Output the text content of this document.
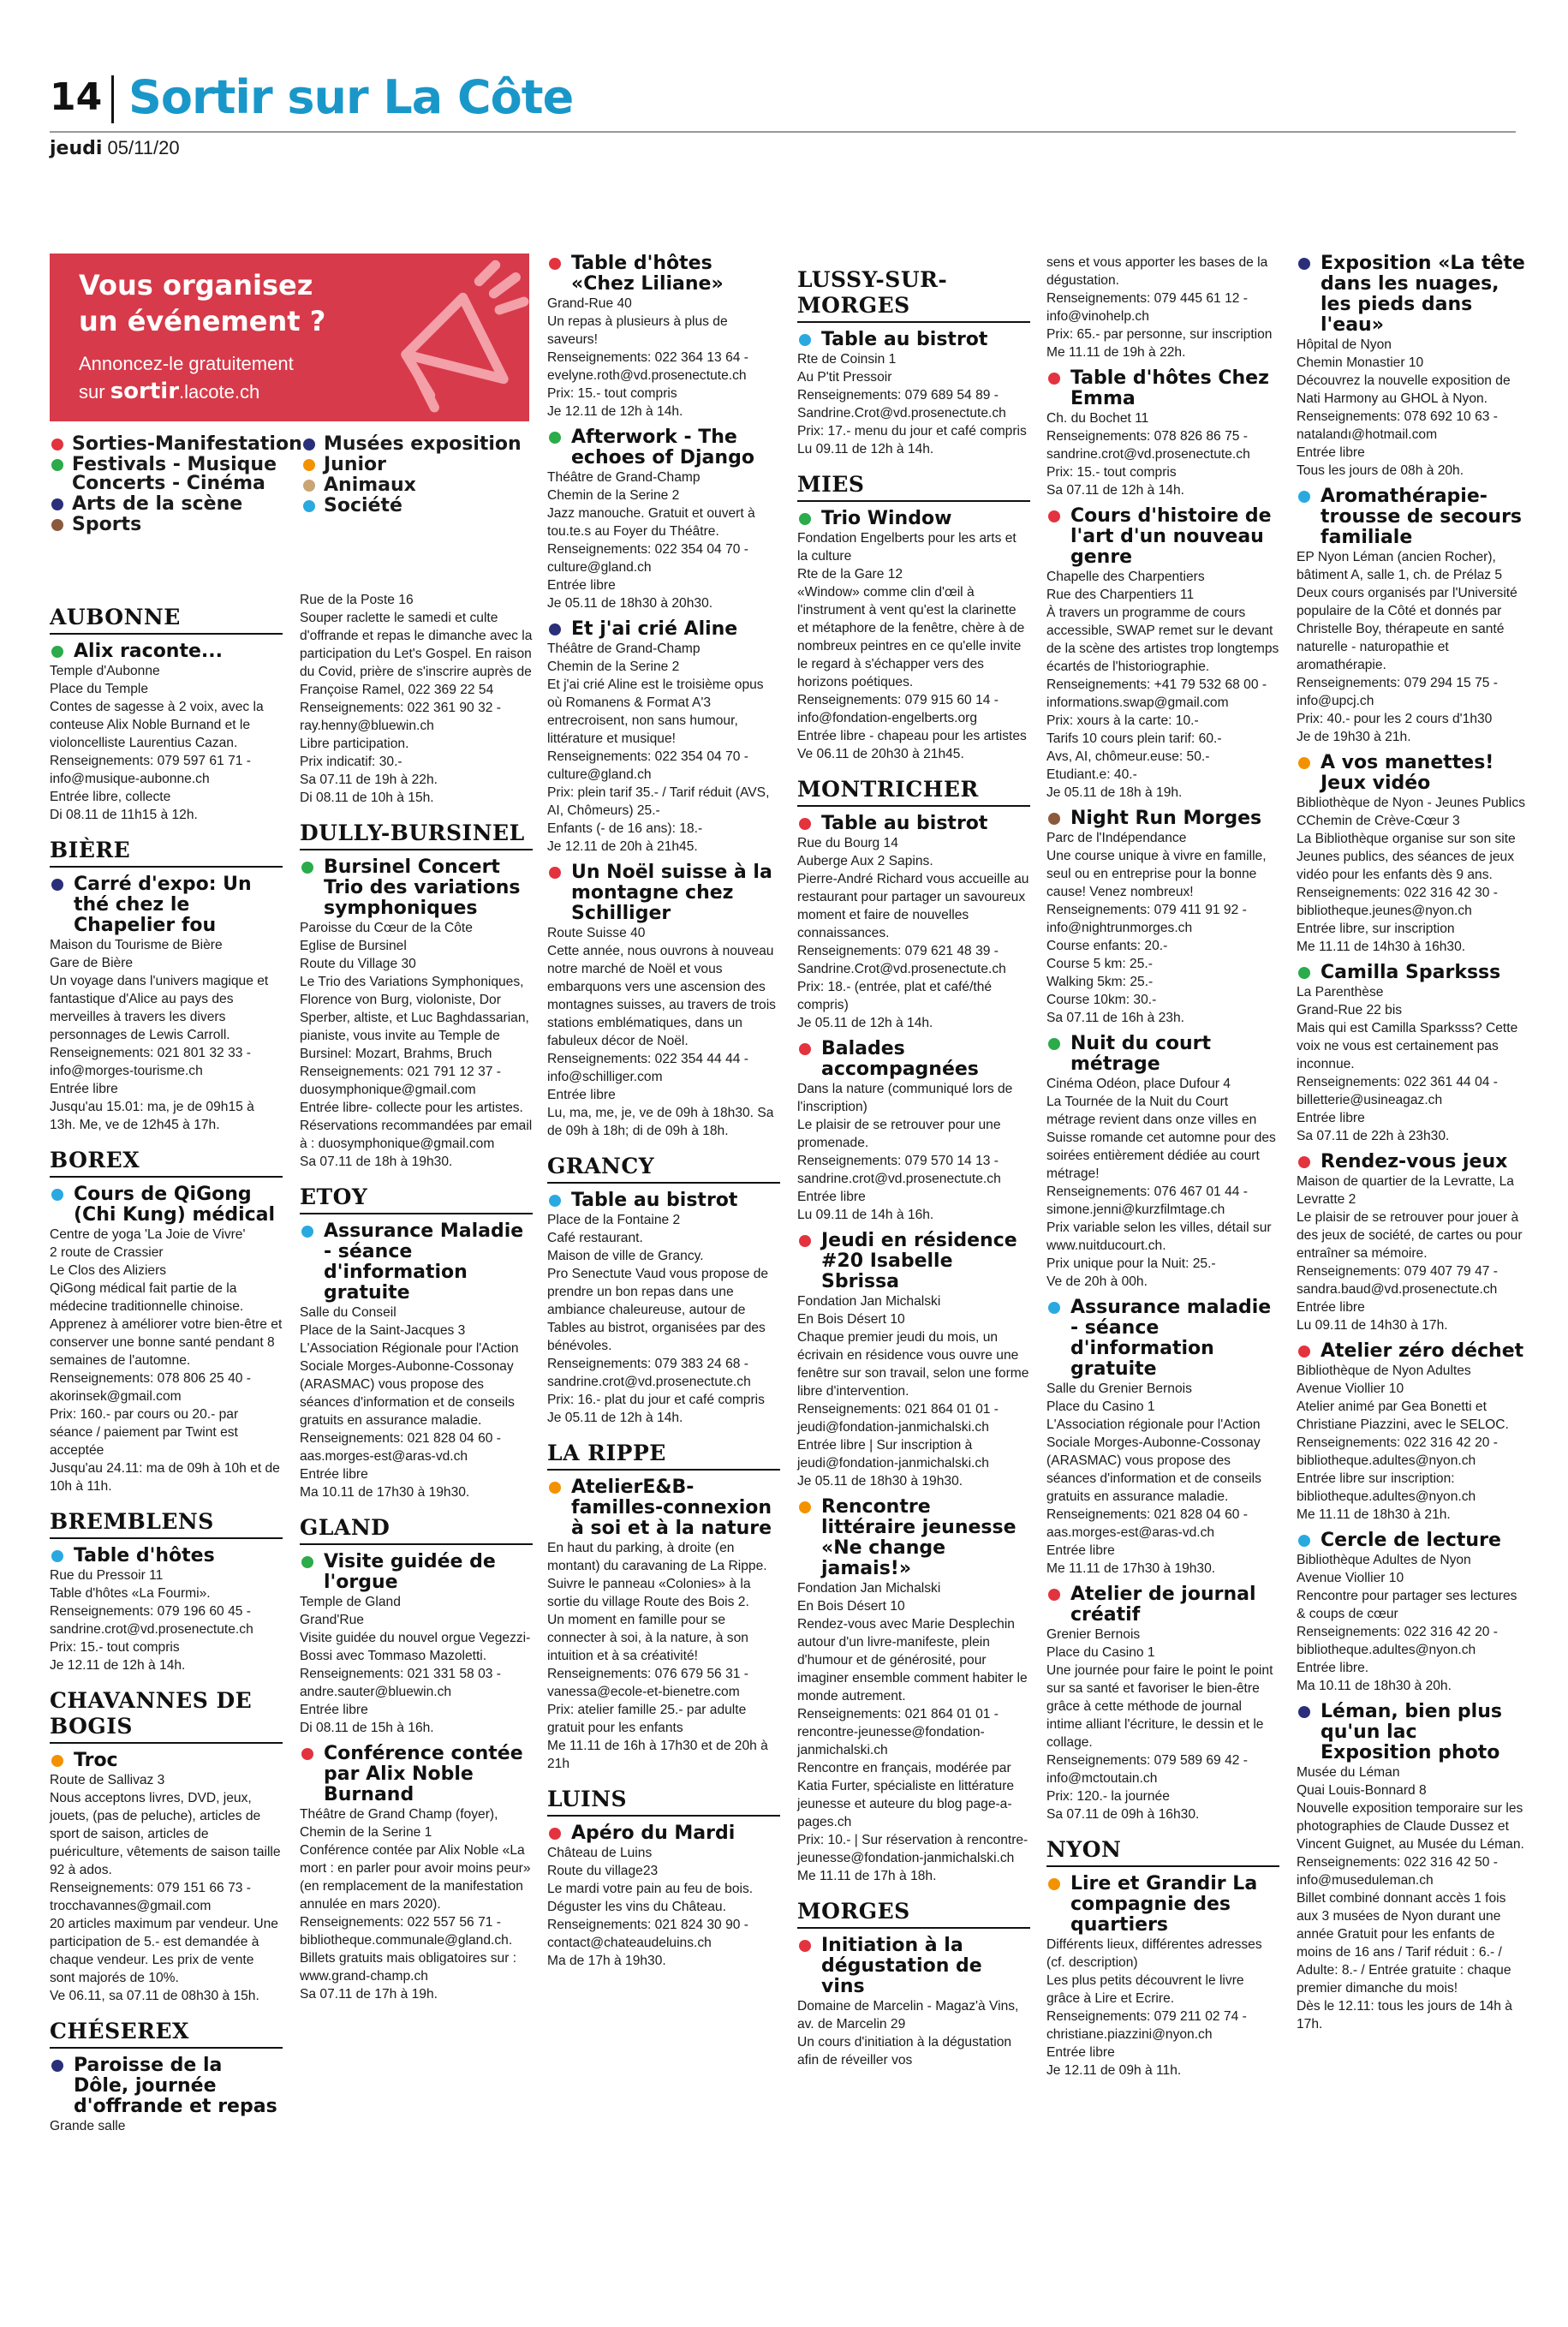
14 Sortir sur La Côte
jeudi 05/11/20
Vous organisez
un événement ?
Annoncez-le gratuitement
sur sortir.lacote.ch
Sorties-Manifestation
Festivals - Musique
Concerts - Cinéma
Arts de la scène
Sports
Musées exposition
Junior
Animaux
Société
AUBONNE
Alix raconte...
Temple d'Aubonne
Place du Temple
Contes de sagesse à 2 voix, avec la conteuse Alix Noble Burnand et le violoncelliste Laurentius Cazan.
Renseignements: 079 597 61 71 - info@musique-aubonne.ch
Entrée libre, collecte
Di 08.11 de 11h15 à 12h.
BIÈRE
Carré d'expo: Un thé chez le Chapelier fou
Maison du Tourisme de Bière
Gare de Bière
Un voyage dans l'univers magique et fantastique d'Alice au pays des merveilles à travers les divers personnages de Lewis Carroll.
Renseignements: 021 801 32 33 - info@morges-tourisme.ch
Entrée libre
Jusqu'au 15.01: ma, je de 09h15 à 13h. Me, ve de 12h45 à 17h.
BOREX
Cours de QiGong (Chi Kung) médical
Centre de yoga 'La Joie de Vivre'
2 route de Crassier
Le Clos des Aliziers
QiGong médical fait partie de la médecine traditionnelle chinoise. Apprenez à améliorer votre bien-être et conserver une bonne santé pendant 8 semaines de l'automne.
Renseignements: 078 806 25 40 - akorinsek@gmail.com
Prix: 160.- par cours ou 20.- par séance / paiement par Twint est acceptée
Jusqu'au 24.11: ma de 09h à 10h et de 10h à 11h.
BREMBLENS
Table d'hôtes
Rue du Pressoir 11
Table d'hôtes «La Fourmi».
Renseignements: 079 196 60 45 - sandrine.crot@vd.prosenectute.ch
Prix: 15.- tout compris
Je 12.11 de 12h à 14h.
CHAVANNES DE BOGIS
Troc
Route de Sallivaz 3
Nous acceptons livres, DVD, jeux, jouets, (pas de peluche), articles de sport de saison, articles de puériculture, vêtements de saison taille 92 à ados.
Renseignements: 079 151 66 73 - trocchavannes@gmail.com
20 articles maximum par vendeur. Une participation de 5.- est demandée à chaque vendeur. Les prix de vente sont majorés de 10%.
Ve 06.11, sa 07.11 de 08h30 à 15h.
CHÉSEREX
Paroisse de la Dôle, journée d'offrande et repas
Grande salle
Rue de la Poste 16
Souper raclette le samedi et culte d'offrande et repas le dimanche avec la participation du Let's Gospel. En raison du Covid, prière de s'inscrire auprès de Françoise Ramel, 022 369 22 54
Renseignements: 022 361 90 32 - ray.henny@bluewin.ch
Libre participation.
Prix indicatif: 30.-
Sa 07.11 de 19h à 22h.
Di 08.11 de 10h à 15h.
DULLY-BURSINEL
Bursinel Concert Trio des variations symphoniques
Paroisse du Cœur de la Côte
Eglise de Bursinel
Route du Village 30
Le Trio des Variations Symphoniques, Florence von Burg, violoniste, Dor Sperber, altiste, et Luc Baghdassarian, pianiste, vous invite au Temple de Bursinel: Mozart, Brahms, Bruch
Renseignements: 021 791 12 37 - duosymphonique@gmail.com
Entrée libre- collecte pour les artistes. Réservations recommandées par email à : duosymphonique@gmail.com
Sa 07.11 de 18h à 19h30.
ETOY
Assurance Maladie - séance d'information gratuite
Salle du Conseil
Place de la Saint-Jacques 3
L'Association Régionale pour l'Action Sociale Morges-Aubonne-Cossonay (ARASMAC) vous propose des séances d'information et de conseils gratuits en assurance maladie.
Renseignements: 021 828 04 60 - aas.morges-est@aras-vd.ch
Entrée libre
Ma 10.11 de 17h30 à 19h30.
GLAND
Visite guidée de l'orgue
Temple de Gland
Grand'Rue
Visite guidée du nouvel orgue Vegezzi-Bossi avec Tommaso Mazoletti.
Renseignements: 021 331 58 03 - andre.sauter@bluewin.ch
Entrée libre
Di 08.11 de 15h à 16h.
Conférence contée par Alix Noble Burnand
Théâtre de Grand Champ (foyer), Chemin de la Serine 1
Conférence contée par Alix Noble «La mort : en parler pour avoir moins peur» (en remplacement de la manifestation annulée en mars 2020).
Renseignements: 022 557 56 71 - bibliotheque.communale@gland.ch. Billets gratuits mais obligatoires sur : www.grand-champ.ch
Sa 07.11 de 17h à 19h.
Table d'hôtes «Chez Liliane»
Grand-Rue 40
Un repas à plusieurs à plus de saveurs!
Renseignements: 022 364 13 64 - evelyne.roth@vd.prosenectute.ch
Prix: 15.- tout compris
Je 12.11 de 12h à 14h.
Afterwork - The echoes of Django
Théâtre de Grand-Champ
Chemin de la Serine 2
Jazz manouche. Gratuit et ouvert à tou.te.s au Foyer du Théâtre.
Renseignements: 022 354 04 70 - culture@gland.ch
Entrée libre
Je 05.11 de 18h30 à 20h30.
Et j'ai crié Aline
Théâtre de Grand-Champ
Chemin de la Serine 2
Et j'ai crié Aline est le troisième opus où Romanens & Format A'3 entrecroisent, non sans humour, littérature et musique!
Renseignements: 022 354 04 70 - culture@gland.ch
Prix: plein tarif 35.- / Tarif réduit (AVS, AI, Chômeurs) 25.-
Enfants (- de 16 ans): 18.-
Je 12.11 de 20h à 21h45.
Un Noël suisse à la montagne chez Schilliger
Route Suisse 40
Cette année, nous ouvrons à nouveau notre marché de Noël et vous embarquons vers une ascension des montagnes suisses, au travers de trois stations emblématiques, dans un fabuleux décor de Noël.
Renseignements: 022 354 44 44 - info@schilliger.com
Entrée libre
Lu, ma, me, je, ve de 09h à 18h30. Sa de 09h à 18h; di de 09h à 18h.
GRANCY
Table au bistrot
Place de la Fontaine 2
Café restaurant.
Maison de ville de Grancy.
Pro Senectute Vaud vous propose de prendre un bon repas dans une ambiance chaleureuse, autour de Tables au bistrot, organisées par des bénévoles.
Renseignements: 079 383 24 68 - sandrine.crot@vd.prosenectute.ch
Prix: 16.- plat du jour et café compris
Je 05.11 de 12h à 14h.
LA RIPPE
AtelierE&B-familles-connexion à soi et à la nature
En haut du parking, à droite (en montant) du caravaning de La Rippe. Suivre le panneau «Colonies» à la sortie du village Route des Bois 2.
Un moment en famille pour se connecter à soi, à la nature, à son intuition et à sa créativité!
Renseignements: 076 679 56 31 - vanessa@ecole-et-bienetre.com
Prix: atelier famille 25.- par adulte gratuit pour les enfants
Me 11.11 de 16h à 17h30 et de 20h à 21h
LUINS
Apéro du Mardi
Château de Luins
Route du village23
Le mardi votre pain au feu de bois. Déguster les vins du Château.
Renseignements: 021 824 30 90 - contact@chateaudeluins.ch
Ma de 17h à 19h30.
LUSSY-SUR-MORGES
Table au bistrot
Rte de Coinsin 1
Au P'tit Pressoir
Renseignements: 079 689 54 89 - Sandrine.Crot@vd.prosenectute.ch
Prix: 17.- menu du jour et café compris
Lu 09.11 de 12h à 14h.
MIES
Trio Window
Fondation Engelberts pour les arts et la culture
Rte de la Gare 12
«Window» comme clin d'œil à l'instrument à vent qu'est la clarinette et métaphore de la fenêtre, chère à de nombreux peintres en ce qu'elle invite le regard à s'échapper vers des horizons poétiques.
Renseignements: 079 915 60 14 - info@fondation-engelberts.org
Entrée libre - chapeau pour les artistes
Ve 06.11 de 20h30 à 21h45.
MONTRICHER
Table au bistrot
Rue du Bourg 14
Auberge Aux 2 Sapins.
Pierre-André Richard vous accueille au restaurant pour partager un savoureux moment et faire de nouvelles connaissances.
Renseignements: 079 621 48 39 - Sandrine.Crot@vd.prosenectute.ch
Prix: 18.- (entrée, plat et café/thé compris)
Je 05.11 de 12h à 14h.
Balades accompagnées
Dans la nature (communiqué lors de l'inscription)
Le plaisir de se retrouver pour une promenade.
Renseignements: 079 570 14 13 - sandrine.crot@vd.prosenectute.ch
Entrée libre
Lu 09.11 de 14h à 16h.
Jeudi en résidence #20 Isabelle Sbrissa
Fondation Jan Michalski
En Bois Désert 10
Chaque premier jeudi du mois, un écrivain en résidence vous ouvre une fenêtre sur son travail, selon une forme libre d'intervention.
Renseignements: 021 864 01 01 - jeudi@fondation-janmichalski.ch
Entrée libre | Sur inscription à jeudi@fondation-janmichalski.ch
Je 05.11 de 18h30 à 19h30.
Rencontre littéraire jeunesse «Ne change jamais!»
Fondation Jan Michalski
En Bois Désert 10
Rendez-vous avec Marie Desplechin autour d'un livre-manifeste, plein d'humour et de générosité, pour imaginer ensemble comment habiter le monde autrement.
Renseignements: 021 864 01 01 - rencontre-jeunesse@fondation-janmichalski.ch
Rencontre en français, modérée par Katia Furter, spécialiste en littérature jeunesse et auteure du blog page-a-pages.ch
Prix: 10.- | Sur réservation à rencontre-jeunesse@fondation-janmichalski.ch
Me 11.11 de 17h à 18h.
MORGES
Initiation à la dégustation de vins
Domaine de Marcelin - Magaz'à Vins, av. de Marcelin 29
Un cours d'initiation à la dégustation afin de réveiller vos
sens et vous apporter les bases de la dégustation.
Renseignements: 079 445 61 12 - info@vinohelp.ch
Prix: 65.- par personne, sur inscription
Me 11.11 de 19h à 22h.
Table d'hôtes Chez Emma
Ch. du Bochet 11
Renseignements: 078 826 86 75 - sandrine.crot@vd.prosenectute.ch
Prix: 15.- tout compris
Sa 07.11 de 12h à 14h.
Cours d'histoire de l'art d'un nouveau genre
Chapelle des Charpentiers
Rue des Charpentiers 11
À travers un programme de cours accessible, SWAP remet sur le devant de la scène des artistes trop longtemps écartés de l'historiographie.
Renseignements: +41 79 532 68 00 - informations.swap@gmail.com
Prix: xours à la carte: 10.-
Tarifs 10 cours plein tarif: 60.-
Avs, AI, chômeur.euse: 50.-
Etudiant.e: 40.-
Je 05.11 de 18h à 19h.
Night Run Morges
Parc de l'Indépendance
Une course unique à vivre en famille, seul ou en entreprise pour la bonne cause! Venez nombreux!
Renseignements: 079 411 91 92 - info@nightrunmorges.ch
Course enfants: 20.-
Course 5 km: 25.-
Walking 5km: 25.-
Course 10km: 30.-
Sa 07.11 de 16h à 23h.
Nuit du court métrage
Cinéma Odéon, place Dufour 4
La Tournée de la Nuit du Court métrage revient dans onze villes en Suisse romande cet automne pour des soirées entièrement dédiée au court métrage!
Renseignements: 076 467 01 44 - simone.jenni@kurzfilmtage.ch
Prix variable selon les villes, détail sur www.nuitducourt.ch.
Prix unique pour la Nuit: 25.-
Ve de 20h à 00h.
Assurance maladie - séance d'information gratuite
Salle du Grenier Bernois
Place du Casino 1
L'Association régionale pour l'Action Sociale Morges-Aubonne-Cossonay (ARASMAC) vous propose des séances d'information et de conseils gratuits en assurance maladie.
Renseignements: 021 828 04 60 - aas.morges-est@aras-vd.ch
Entrée libre
Me 11.11 de 17h30 à 19h30.
Atelier de journal créatif
Grenier Bernois
Place du Casino 1
Une journée pour faire le point le point sur sa santé et favoriser le bien-être grâce à cette méthode de journal intime alliant l'écriture, le dessin et le collage.
Renseignements: 079 589 69 42 - info@mctoutain.ch
Prix: 120.- la journée
Sa 07.11 de 09h à 16h30.
NYON
Lire et Grandir La compagnie des quartiers
Différents lieux, différentes adresses (cf. description)
Les plus petits découvrent le livre grâce à Lire et Ecrire.
Renseignements: 079 211 02 74 - christiane.piazzini@nyon.ch
Entrée libre
Je 12.11 de 09h à 11h.
Exposition «La tête dans les nuages, les pieds dans l'eau»
Hôpital de Nyon
Chemin Monastier 10
Découvrez la nouvelle exposition de Nati Harmony au GHOL à Nyon.
Renseignements: 078 692 10 63 - natalandı@hotmail.com
Entrée libre
Tous les jours de 08h à 20h.
Aromathérapie-trousse de secours familiale
EP Nyon Léman (ancien Rocher), bâtiment A, salle 1, ch. de Prélaz 5
Deux cours organisés par l'Université populaire de la Côté et donnés par Christelle Boy, thérapeute en santé naturelle - naturopathie et aromathérapie.
Renseignements: 079 294 15 75 - info@upcj.ch
Prix: 40.- pour les 2 cours d'1h30
Je de 19h30 à 21h.
A vos manettes! Jeux vidéo
Bibliothèque de Nyon - Jeunes Publics
CChemin de Crève-Cœur 3
La Bibliothèque organise sur son site Jeunes publics, des séances de jeux vidéo pour les enfants dès 9 ans.
Renseignements: 022 316 42 30 - bibliotheque.jeunes@nyon.ch
Entrée libre, sur inscription
Me 11.11 de 14h30 à 16h30.
Camilla Sparksss
La Parenthèse
Grand-Rue 22 bis
Mais qui est Camilla Sparksss? Cette voix ne vous est certainement pas inconnue.
Renseignements: 022 361 44 04 - billetterie@usineagaz.ch
Entrée libre
Sa 07.11 de 22h à 23h30.
Rendez-vous jeux
Maison de quartier de la Levratte, La Levratte 2
Le plaisir de se retrouver pour jouer à des jeux de société, de cartes ou pour entraîner sa mémoire.
Renseignements: 079 407 79 47 - sandra.baud@vd.prosenectute.ch
Entrée libre
Lu 09.11 de 14h30 à 17h.
Atelier zéro déchet
Bibliothèque de Nyon Adultes
Avenue Viollier 10
Atelier animé par Gea Bonetti et Christiane Piazzini, avec le SELOC.
Renseignements: 022 316 42 20 - bibliotheque.adultes@nyon.ch
Entrée libre sur inscription: bibliotheque.adultes@nyon.ch
Me 11.11 de 18h30 à 21h.
Cercle de lecture
Bibliothèque Adultes de Nyon
Avenue Viollier 10
Rencontre pour partager ses lectures & coups de cœur
Renseignements: 022 316 42 20 - bibliotheque.adultes@nyon.ch
Entrée libre.
Ma 10.11 de 18h30 à 20h.
Léman, bien plus qu'un lac Exposition photo
Musée du Léman
Quai Louis-Bonnard 8
Nouvelle exposition temporaire sur les photographies de Claude Dussez et Vincent Guignet, au Musée du Léman.
Renseignements: 022 316 42 50 - info@museduleman.ch
Billet combiné donnant accès 1 fois aux 3 musées de Nyon durant une année Gratuit pour les enfants de moins de 16 ans / Tarif réduit : 6.- / Adulte: 8.- / Entrée gratuite : chaque premier dimanche du mois!
Dès le 12.11: tous les jours de 14h à 17h.
